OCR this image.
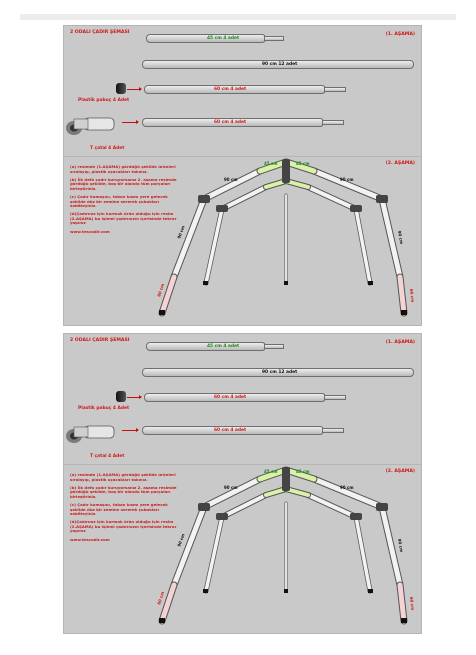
2 ODALI ÇADIR ŞEMASI	(1. AŞAMA)
45 cm 4 adet
90 cm 12 adet
60 cm 4 adet
Plastik pabuç 4 Adet
60 cm 4 adet
T çatal 4 Adet
2 ODALI ÇADIR ŞEMASI	(1. AŞAMA)
45 cm 4 adet
90 cm 12 adet
60 cm 4 adet
Plastik pabuç 4 Adet
60 cm 4 adet
T çatal 4 Adet
(2. AŞAMA)

(a) resimde (1.AŞAMA) gördüğü şekilde ürünleri sıralayıp, plastik uçacakları takınız.

(b) İlk defa çadır kuruyorsanız 2. aşama resimde gördüğü şekilde, boş bir alanda tüm parçaları birleştiriniz.

(c) Çadır kumaşını, taban kısmı yere gelecek şekilde düz bir zemine sererek çubukları sabitleyiniz.

(d)Çadırınız için kurmak ürün olduğu için resim (2.AŞAMA) bu işlemi çadırınızın içerisinde tekrar yapınız

www.tescadir.com

45 cm	45 cm
90 cm	90 cm
90 cm	90 cm
60 cm	60 cm
(2. AŞAMA)

(a) resimde (1.AŞAMA) gördüğü şekilde ürünleri sıralayıp, plastik uçacakları takınız.

(b) İlk defa çadır kuruyorsanız 2. aşama resimde gördüğü şekilde, boş bir alanda tüm parçaları birleştiriniz.

(c) Çadır kumaşını, taban kısmı yere gelecek şekilde düz bir zemine sererek çubukları sabitleyiniz.

(d)Çadırınız için kurmak ürün olduğu için resim (2.AŞAMA) bu işlemi çadırınızın içerisinde tekrar yapınız

www.tescadir.com

45 cm	45 cm
90 cm	90 cm
90 cm	90 cm
60 cm	60 cm
